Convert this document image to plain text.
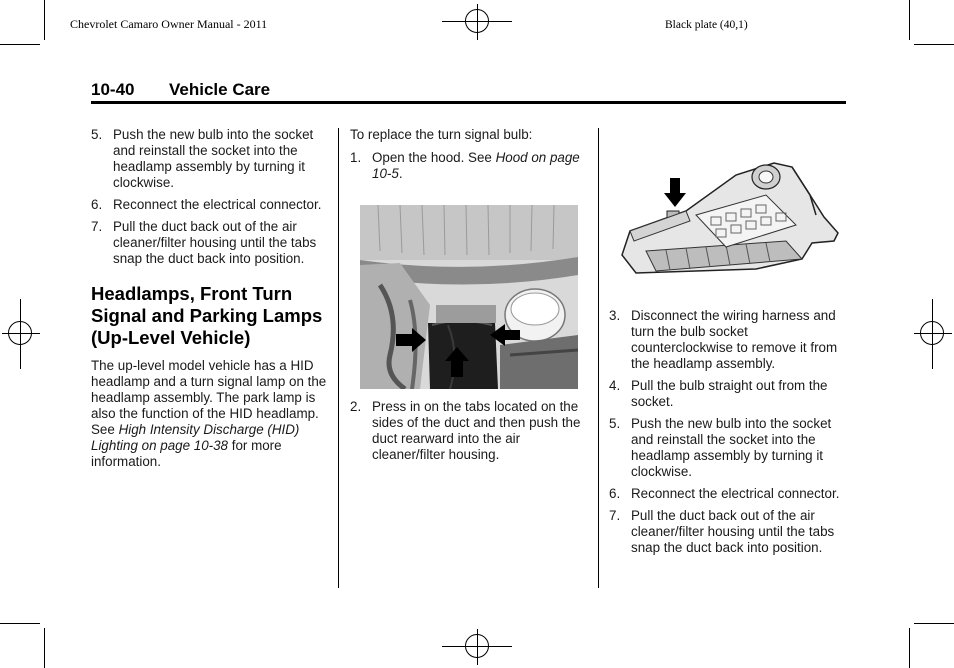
Chevrolet Camaro Owner Manual - 2011	Black plate (40,1)
10-40 Vehicle Care
5. Push the new bulb into the socket and reinstall the socket into the headlamp assembly by turning it clockwise.
6. Reconnect the electrical connector.
7. Pull the duct back out of the air cleaner/filter housing until the tabs snap the duct back into position.
Headlamps, Front Turn Signal and Parking Lamps (Up-Level Vehicle)

The up-level model vehicle has a HID headlamp and a turn signal lamp on the headlamp assembly. The park lamp is also the function of the HID headlamp. See High Intensity Discharge (HID) Lighting on page 10-38 for more information.

To replace the turn signal bulb:

1. Open the hood. See Hood on page 10-5.
2. Press in on the tabs located on the sides of the duct and then push the duct rearward into the air cleaner/filter housing.
3. Disconnect the wiring harness and turn the bulb socket counterclockwise to remove it from the headlamp assembly.
4. Pull the bulb straight out from the socket.
5. Push the new bulb into the socket and reinstall the socket into the headlamp assembly by turning it clockwise.
6. Reconnect the electrical connector.
7. Pull the duct back out of the air cleaner/filter housing until the tabs snap the duct back into position.
